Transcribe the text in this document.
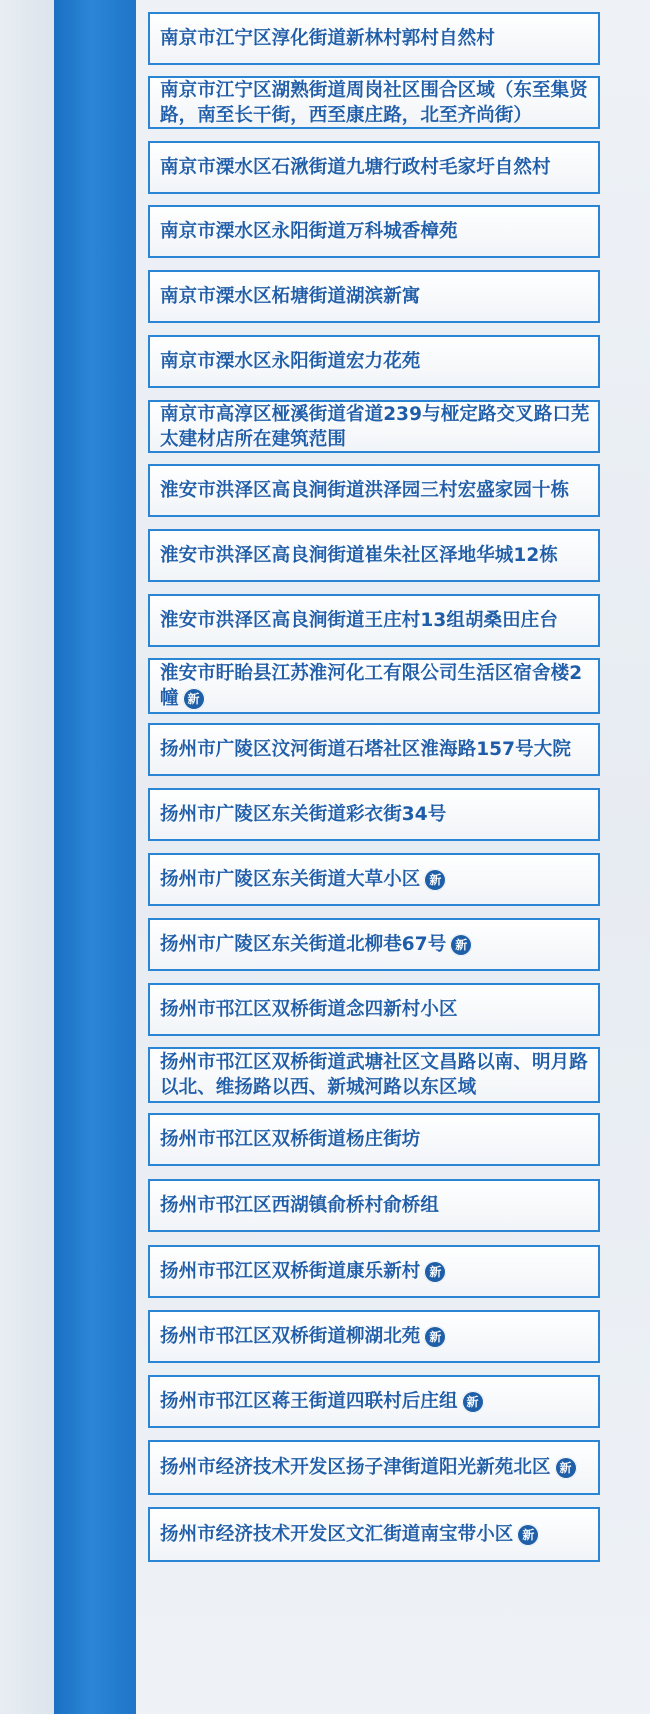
南京市江宁区淳化街道新林村郭村自然村
南京市江宁区湖熟街道周岗社区围合区域（东至集贤路，南至长干街，西至康庄路，北至齐尚街）
南京市溧水区石湫街道九塘行政村毛家圩自然村
南京市溧水区永阳街道万科城香樟苑
南京市溧水区柘塘街道湖滨新寓
南京市溧水区永阳街道宏力花苑
南京市高淳区桠溪街道省道239与桠定路交叉路口芜太建材店所在建筑范围
淮安市洪泽区高良涧街道洪泽园三村宏盛家园十栋
淮安市洪泽区高良涧街道崔朱社区泽地华城12栋
淮安市洪泽区高良涧街道王庄村13组胡桑田庄台
淮安市盱眙县江苏淮河化工有限公司生活区宿舍楼2幢 新
扬州市广陵区汶河街道石塔社区淮海路157号大院
扬州市广陵区东关街道彩衣街34号
扬州市广陵区东关街道大草小区 新
扬州市广陵区东关街道北柳巷67号 新
扬州市邗江区双桥街道念四新村小区
扬州市邗江区双桥街道武塘社区文昌路以南、明月路以北、维扬路以西、新城河路以东区域
扬州市邗江区双桥街道杨庄街坊
扬州市邗江区西湖镇俞桥村俞桥组
扬州市邗江区双桥街道康乐新村 新
扬州市邗江区双桥街道柳湖北苑 新
扬州市邗江区蒋王街道四联村后庄组 新
扬州市经济技术开发区扬子津街道阳光新苑北区 新
扬州市经济技术开发区文汇街道南宝带小区 新
